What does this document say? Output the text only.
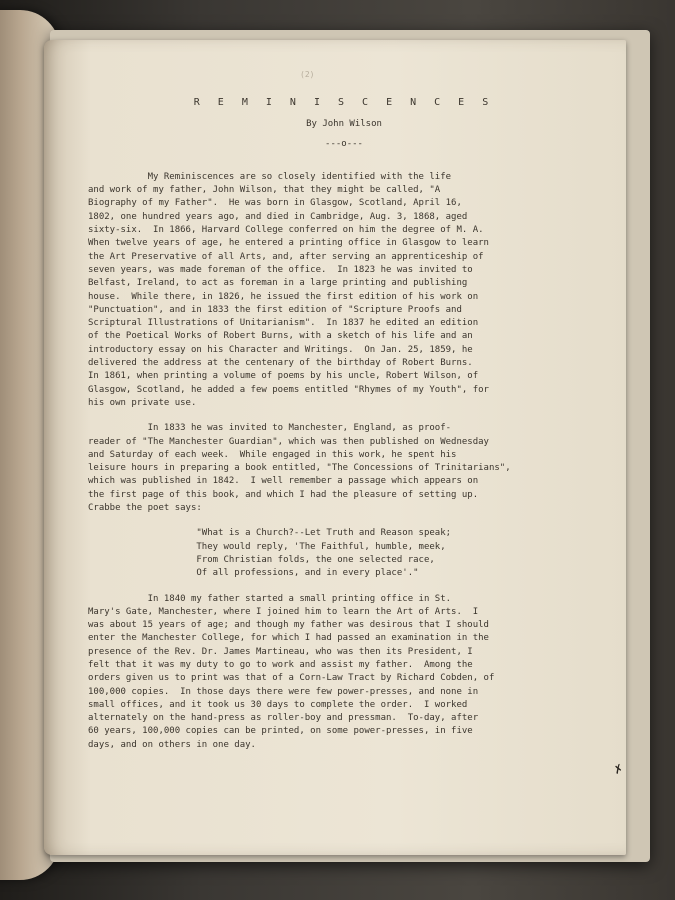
(2)
R E M I N I S C E N C E S
By John Wilson
---o---
My Reminiscences are so closely identified with the life
and work of my father, John Wilson, that they might be called, "A
Biography of my Father".  He was born in Glasgow, Scotland, April 16,
1802, one hundred years ago, and died in Cambridge, Aug. 3, 1868, aged
sixty-six.  In 1866, Harvard College conferred on him the degree of M. A.
When twelve years of age, he entered a printing office in Glasgow to learn
the Art Preservative of all Arts, and, after serving an apprenticeship of
seven years, was made foreman of the office.  In 1823 he was invited to
Belfast, Ireland, to act as foreman in a large printing and publishing
house.  While there, in 1826, he issued the first edition of his work on
"Punctuation", and in 1833 the first edition of "Scripture Proofs and
Scriptural Illustrations of Unitarianism".  In 1837 he edited an edition
of the Poetical Works of Robert Burns, with a sketch of his life and an
introductory essay on his Character and Writings.  On Jan. 25, 1859, he
delivered the address at the centenary of the birthday of Robert Burns.
In 1861, when printing a volume of poems by his uncle, Robert Wilson, of
Glasgow, Scotland, he added a few poems entitled "Rhymes of my Youth", for
his own private use.
In 1833 he was invited to Manchester, England, as proof-
reader of "The Manchester Guardian", which was then published on Wednesday
and Saturday of each week.  While engaged in this work, he spent his
leisure hours in preparing a book entitled, "The Concessions of Trinitarians",
which was published in 1842.  I well remember a passage which appears on
the first page of this book, and which I had the pleasure of setting up.
Crabbe the poet says:
"What is a Church?--Let Truth and Reason speak;
They would reply, 'The Faithful, humble, meek,
From Christian folds, the one selected race,
Of all professions, and in every place'."
In 1840 my father started a small printing office in St.
Mary's Gate, Manchester, where I joined him to learn the Art of Arts.  I
was about 15 years of age; and though my father was desirous that I should
enter the Manchester College, for which I had passed an examination in the
presence of the Rev. Dr. James Martineau, who was then its President, I
felt that it was my duty to go to work and assist my father.  Among the
orders given us to print was that of a Corn-Law Tract by Richard Cobden, of
100,000 copies.  In those days there were few power-presses, and none in
small offices, and it took us 30 days to complete the order.  I worked
alternately on the hand-press as roller-boy and pressman.  To-day, after
60 years, 100,000 copies can be printed, on some power-presses, in five
days, and on others in one day.
✗
